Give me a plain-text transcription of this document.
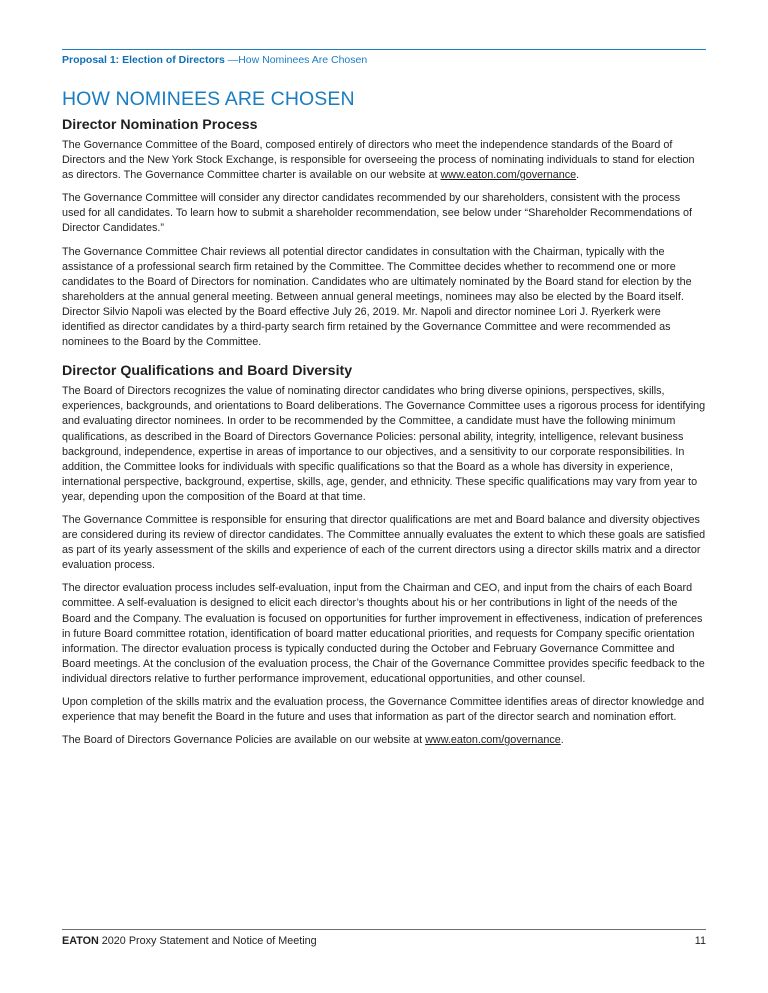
Proposal 1: Election of Directors —How Nominees Are Chosen
HOW NOMINEES ARE CHOSEN
Director Nomination Process

The Governance Committee of the Board, composed entirely of directors who meet the independence standards of the Board of Directors and the New York Stock Exchange, is responsible for overseeing the process of nominating individuals to stand for election as directors. The Governance Committee charter is available on our website at www.eaton.com/governance.

The Governance Committee will consider any director candidates recommended by our shareholders, consistent with the process used for all candidates. To learn how to submit a shareholder recommendation, see below under “Shareholder Recommendations of Director Candidates.”

The Governance Committee Chair reviews all potential director candidates in consultation with the Chairman, typically with the assistance of a professional search firm retained by the Committee. The Committee decides whether to recommend one or more candidates to the Board of Directors for nomination. Candidates who are ultimately nominated by the Board stand for election by the shareholders at the annual general meeting. Between annual general meetings, nominees may also be elected by the Board itself. Director Silvio Napoli was elected by the Board effective July 26, 2019. Mr. Napoli and director nominee Lori J. Ryerkerk were identified as director candidates by a third-party search firm retained by the Governance Committee and were recommended as nominees to the Board by the Committee.

Director Qualifications and Board Diversity

The Board of Directors recognizes the value of nominating director candidates who bring diverse opinions, perspectives, skills, experiences, backgrounds, and orientations to Board deliberations. The Governance Committee uses a rigorous process for identifying and evaluating director nominees. In order to be recommended by the Committee, a candidate must have the following minimum qualifications, as described in the Board of Directors Governance Policies: personal ability, integrity, intelligence, relevant business background, independence, expertise in areas of importance to our objectives, and a sensitivity to our corporate responsibilities. In addition, the Committee looks for individuals with specific qualifications so that the Board as a whole has diversity in experience, international perspective, background, expertise, skills, age, gender, and ethnicity. These specific qualifications may vary from year to year, depending upon the composition of the Board at that time.

The Governance Committee is responsible for ensuring that director qualifications are met and Board balance and diversity objectives are considered during its review of director candidates. The Committee annually evaluates the extent to which these goals are satisfied as part of its yearly assessment of the skills and experience of each of the current directors using a director skills matrix and a director evaluation process.

The director evaluation process includes self-evaluation, input from the Chairman and CEO, and input from the chairs of each Board committee. A self-evaluation is designed to elicit each director’s thoughts about his or her contributions in light of the needs of the Board and the Company. The evaluation is focused on opportunities for further improvement in effectiveness, indication of preferences in future Board committee rotation, identification of board matter educational priorities, and requests for Company specific orientation information. The director evaluation process is typically conducted during the October and February Governance Committee and Board meetings. At the conclusion of the evaluation process, the Chair of the Governance Committee provides specific feedback to the individual directors relative to further performance improvement, educational opportunities, and other counsel.

Upon completion of the skills matrix and the evaluation process, the Governance Committee identifies areas of director knowledge and experience that may benefit the Board in the future and uses that information as part of the director search and nomination effort.

The Board of Directors Governance Policies are available on our website at www.eaton.com/governance.

EATON 2020 Proxy Statement and Notice of Meeting	11
